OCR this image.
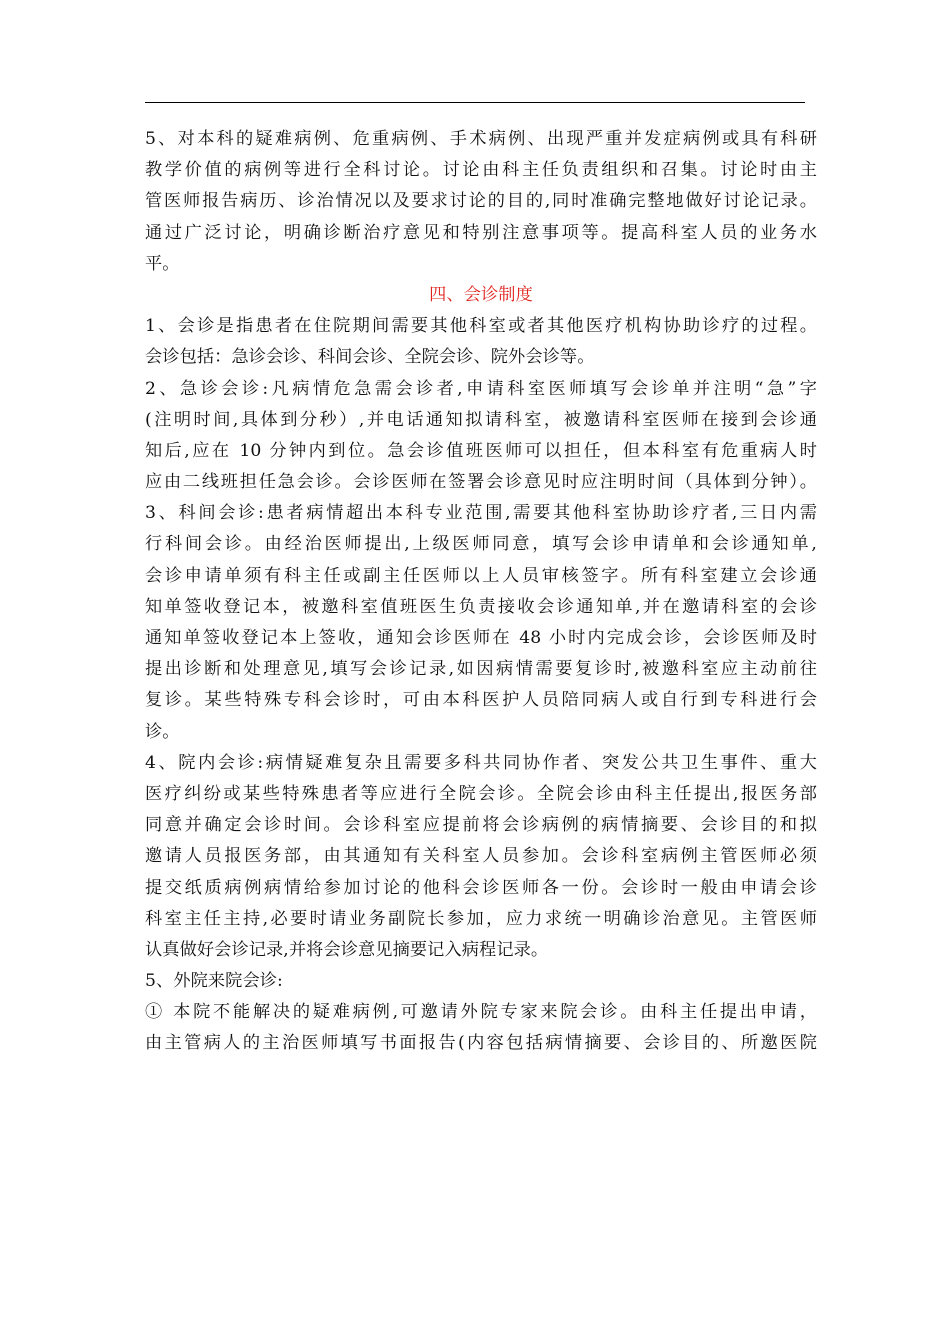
5、对本科的疑难病例、危重病例、手术病例、出现严重并发症病例或具有科研
教学价值的病例等进行全科讨论。讨论由科主任负责组织和召集。讨论时由主
管医师报告病历、诊治情况以及要求讨论的目的,同时准确完整地做好讨论记录。
通过广泛讨论，明确诊断治疗意见和特别注意事项等。提高科室人员的业务水
平。
四、会诊制度
1、会诊是指患者在住院期间需要其他科室或者其他医疗机构协助诊疗的过程。
会诊包括：急诊会诊、科间会诊、全院会诊、院外会诊等。
2、急诊会诊:凡病情危急需会诊者,申请科室医师填写会诊单并注明“急”字
(注明时间,具体到分秒）,并电话通知拟请科室，被邀请科室医师在接到会诊通
知后,应在 10 分钟内到位。急会诊值班医师可以担任，但本科室有危重病人时
应由二线班担任急会诊。会诊医师在签署会诊意见时应注明时间（具体到分钟）。
3、科间会诊:患者病情超出本科专业范围,需要其他科室协助诊疗者,三日内需
行科间会诊。由经治医师提出,上级医师同意，填写会诊申请单和会诊通知单,
会诊申请单须有科主任或副主任医师以上人员审核签字。所有科室建立会诊通
知单签收登记本，被邀科室值班医生负责接收会诊通知单,并在邀请科室的会诊
通知单签收登记本上签收，通知会诊医师在 48 小时内完成会诊，会诊医师及时
提出诊断和处理意见,填写会诊记录,如因病情需要复诊时,被邀科室应主动前往
复诊。某些特殊专科会诊时，可由本科医护人员陪同病人或自行到专科进行会
诊。
4、院内会诊:病情疑难复杂且需要多科共同协作者、突发公共卫生事件、重大
医疗纠纷或某些特殊患者等应进行全院会诊。全院会诊由科主任提出,报医务部
同意并确定会诊时间。会诊科室应提前将会诊病例的病情摘要、会诊目的和拟
邀请人员报医务部，由其通知有关科室人员参加。会诊科室病例主管医师必须
提交纸质病例病情给参加讨论的他科会诊医师各一份。会诊时一般由申请会诊
科室主任主持,必要时请业务副院长参加，应力求统一明确诊治意见。主管医师
认真做好会诊记录,并将会诊意见摘要记入病程记录。
5、外院来院会诊:
① 本院不能解决的疑难病例,可邀请外院专家来院会诊。由科主任提出申请，
由主管病人的主治医师填写书面报告(内容包括病情摘要、会诊目的、所邀医院
